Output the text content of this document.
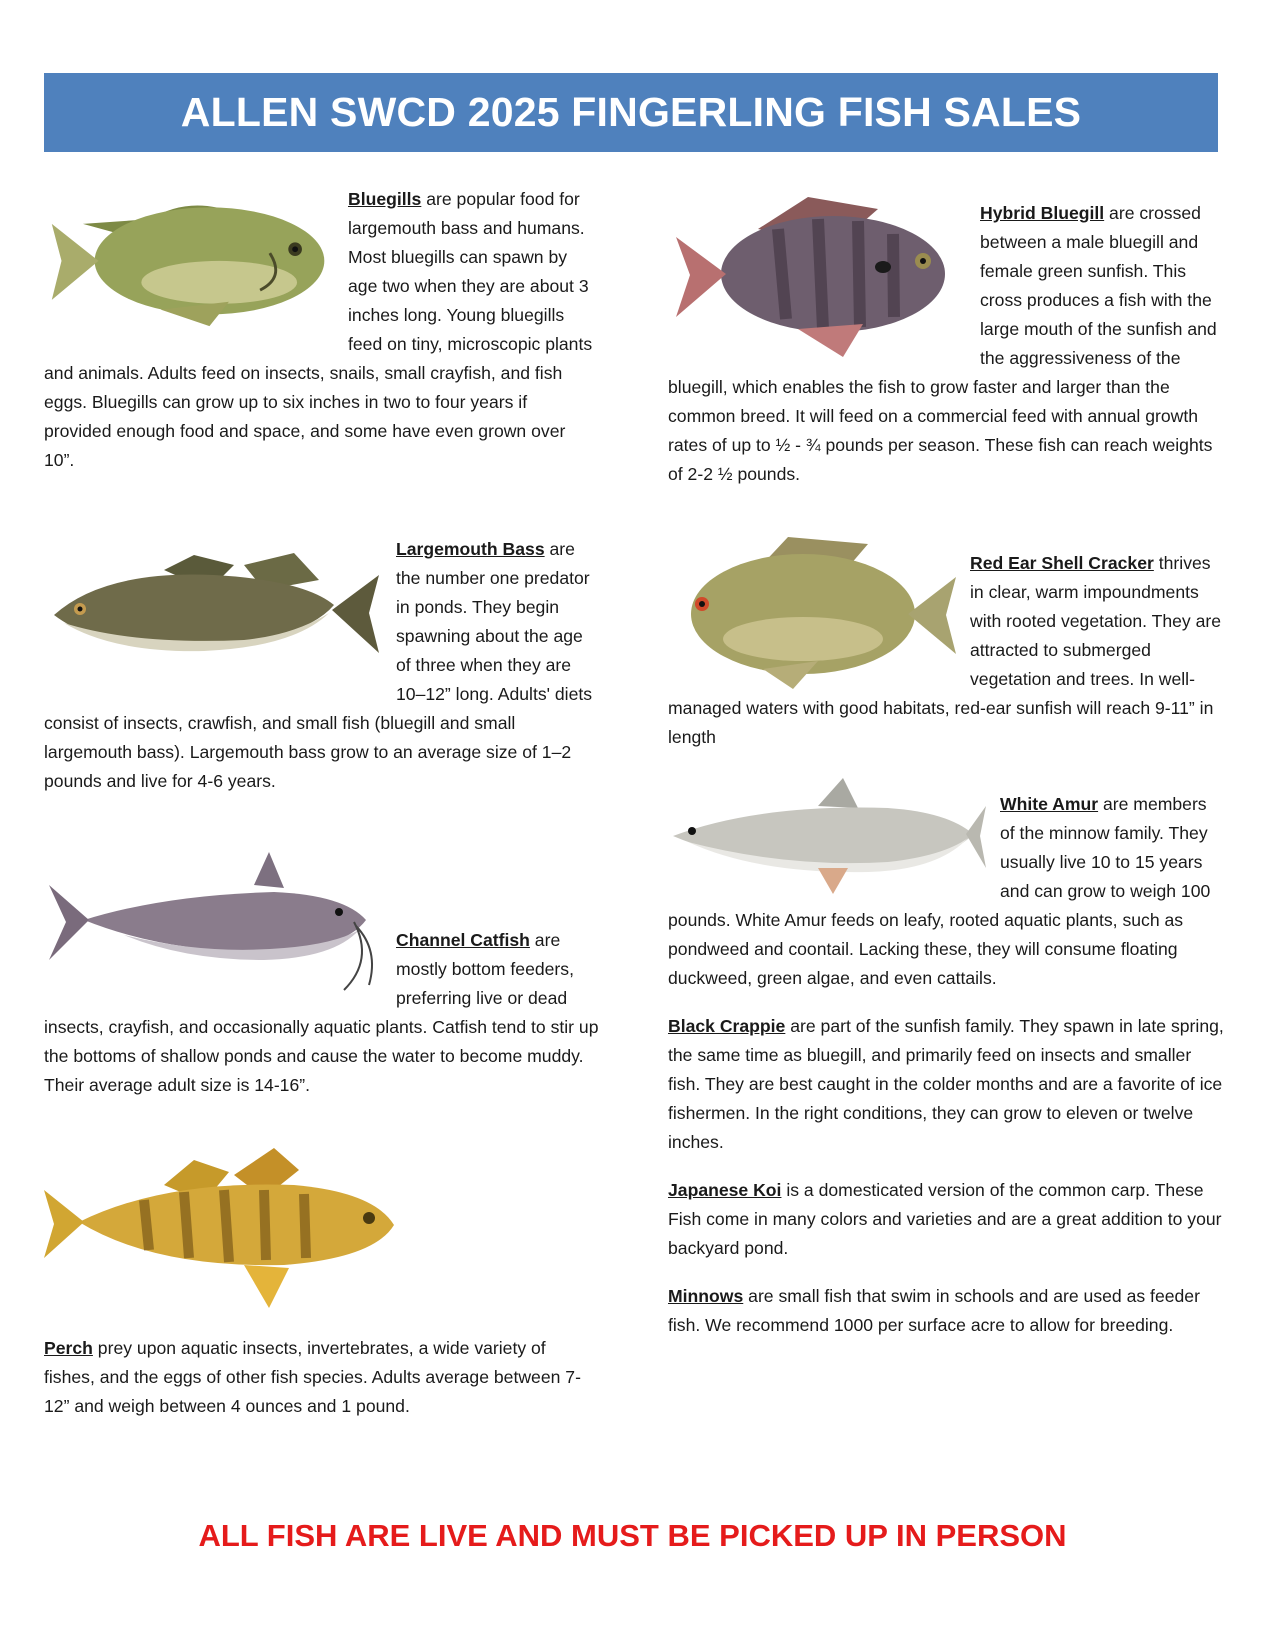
ALLEN SWCD 2025 FINGERLING FISH SALES
Bluegills are popular food for largemouth bass and humans. Most bluegills can spawn by age two when they are about 3 inches long. Young bluegills feed on tiny, microscopic plants and animals. Adults feed on insects, snails, small crayfish, and fish eggs. Bluegills can grow up to six inches in two to four years if provided enough food and space, and some have even grown over 10”.
Largemouth Bass are the number one predator in ponds. They begin spawning about the age of three when they are 10–12” long. Adults' diets consist of insects, crawfish, and small fish (bluegill and small largemouth bass). Largemouth bass grow to an average size of 1–2 pounds and live for 4-6 years.
Channel Catfish are mostly bottom feeders, preferring live or dead insects, crayfish, and occasionally aquatic plants. Catfish tend to stir up the bottoms of shallow ponds and cause the water to become muddy. Their average adult size is 14-16”.
Perch prey upon aquatic insects, invertebrates, a wide variety of fishes, and the eggs of other fish species. Adults average between 7-12” and weigh between 4 ounces and 1 pound.
Hybrid Bluegill are crossed between a male bluegill and female green sunfish. This cross produces a fish with the large mouth of the sunfish and the aggressiveness of the bluegill, which enables the fish to grow faster and larger than the common breed. It will feed on a commercial feed with annual growth rates of up to ½ - ¾ pounds per season. These fish can reach weights of 2-2 ½ pounds.
Red Ear Shell Cracker thrives in clear, warm impoundments with rooted vegetation. They are attracted to submerged vegetation and trees. In well-managed waters with good habitats, red-ear sunfish will reach 9-11” in length
White Amur are members of the minnow family. They usually live 10 to 15 years and can grow to weigh 100 pounds. White Amur feeds on leafy, rooted aquatic plants, such as pondweed and coontail. Lacking these, they will consume floating duckweed, green algae, and even cattails.
Black Crappie are part of the sunfish family. They spawn in late spring, the same time as bluegill, and primarily feed on insects and smaller fish. They are best caught in the colder months and are a favorite of ice fishermen. In the right conditions, they can grow to eleven or twelve inches.
Japanese Koi is a domesticated version of the common carp. These Fish come in many colors and varieties and are a great addition to your backyard pond.
Minnows are small fish that swim in schools and are used as feeder fish. We recommend 1000 per surface acre to allow for breeding.
ALL FISH ARE LIVE AND MUST BE PICKED UP IN PERSON
